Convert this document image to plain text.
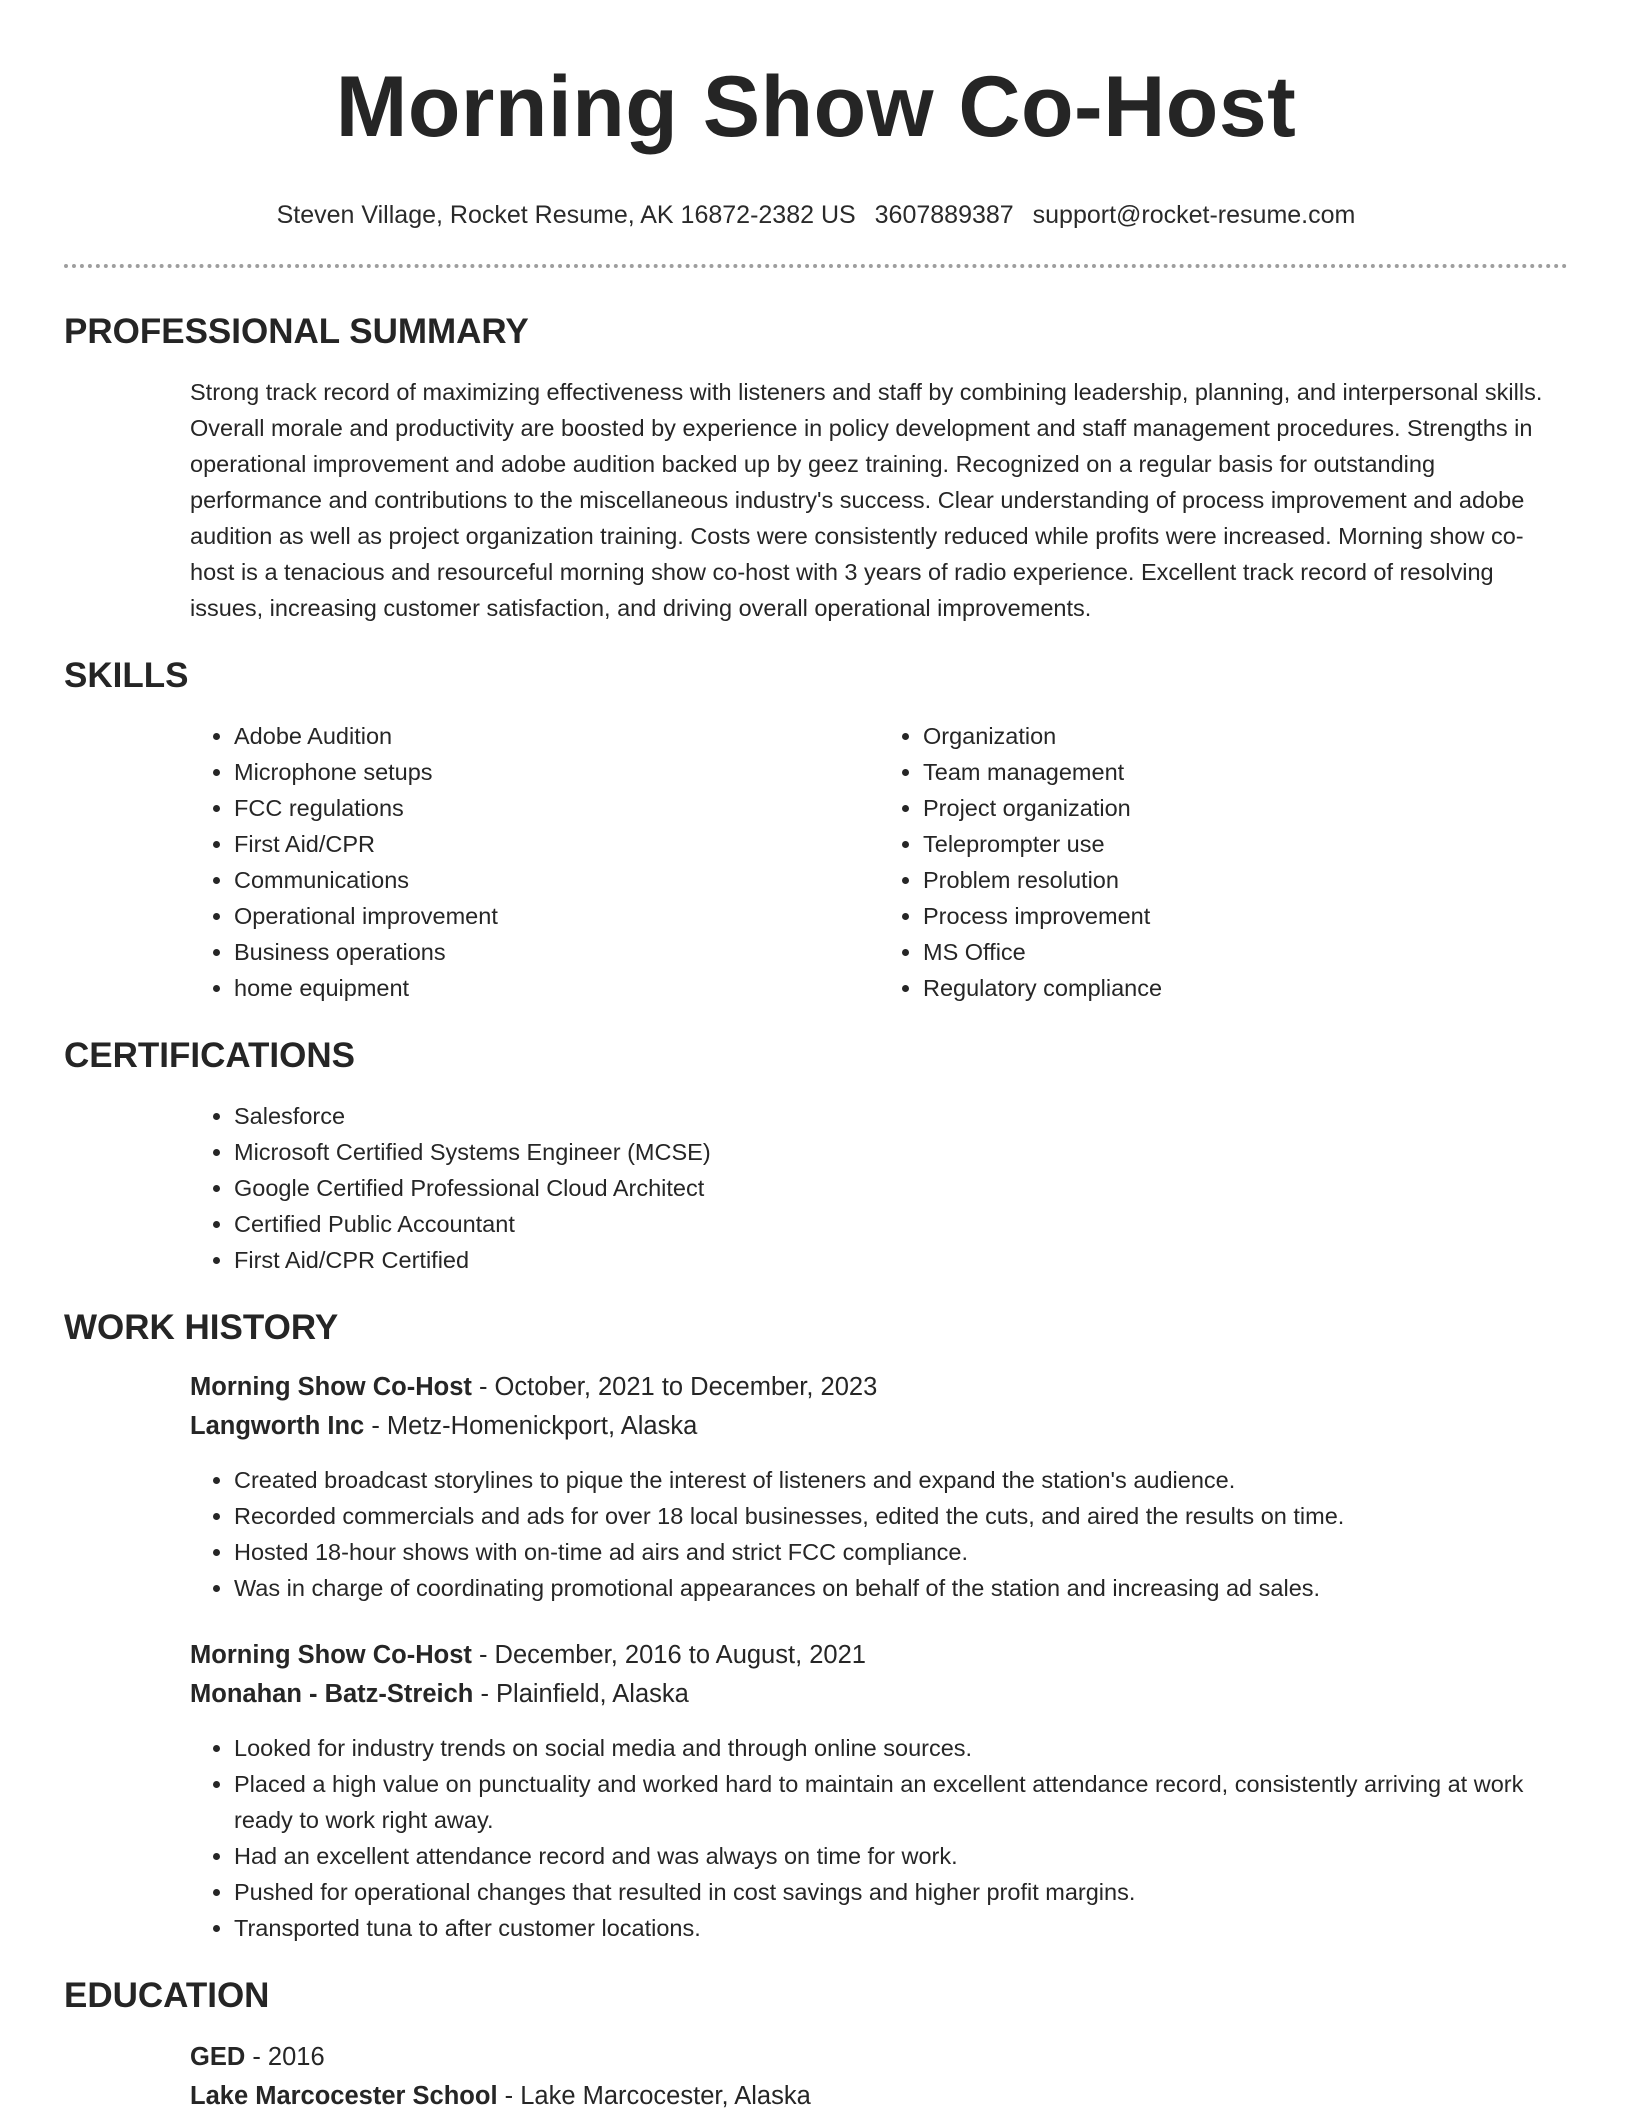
Morning Show Co-Host
Steven Village, Rocket Resume, AK 16872-2382 US 3607889387 support@rocket-resume.com
PROFESSIONAL SUMMARY

Strong track record of maximizing effectiveness with listeners and staff by combining leadership, planning, and interpersonal skills. Overall morale and productivity are boosted by experience in policy development and staff management procedures. Strengths in operational improvement and adobe audition backed up by geez training. Recognized on a regular basis for outstanding performance and contributions to the miscellaneous industry's success. Clear understanding of process improvement and adobe audition as well as project organization training. Costs were consistently reduced while profits were increased. Morning show co-host is a tenacious and resourceful morning show co-host with 3 years of radio experience. Excellent track record of resolving issues, increasing customer satisfaction, and driving overall operational improvements.

SKILLS
• Adobe Audition
• Microphone setups
• FCC regulations
• First Aid/CPR
• Communications
• Operational improvement
• Business operations
• home equipment
• Organization
• Team management
• Project organization
• Teleprompter use
• Problem resolution
• Process improvement
• MS Office
• Regulatory compliance
CERTIFICATIONS
• Salesforce
• Microsoft Certified Systems Engineer (MCSE)
• Google Certified Professional Cloud Architect
• Certified Public Accountant
• First Aid/CPR Certified
WORK HISTORY
Morning Show Co-Host - October, 2021 to December, 2023
Langworth Inc - Metz-Homenickport, Alaska
• Created broadcast storylines to pique the interest of listeners and expand the station's audience.
• Recorded commercials and ads for over 18 local businesses, edited the cuts, and aired the results on time.
• Hosted 18-hour shows with on-time ad airs and strict FCC compliance.
• Was in charge of coordinating promotional appearances on behalf of the station and increasing ad sales.
Morning Show Co-Host - December, 2016 to August, 2021
Monahan - Batz-Streich - Plainfield, Alaska
• Looked for industry trends on social media and through online sources.
• Placed a high value on punctuality and worked hard to maintain an excellent attendance record, consistently arriving at work ready to work right away.
• Had an excellent attendance record and was always on time for work.
• Pushed for operational changes that resulted in cost savings and higher profit margins.
• Transported tuna to after customer locations.
EDUCATION
GED - 2016
Lake Marcocester School - Lake Marcocester, Alaska
